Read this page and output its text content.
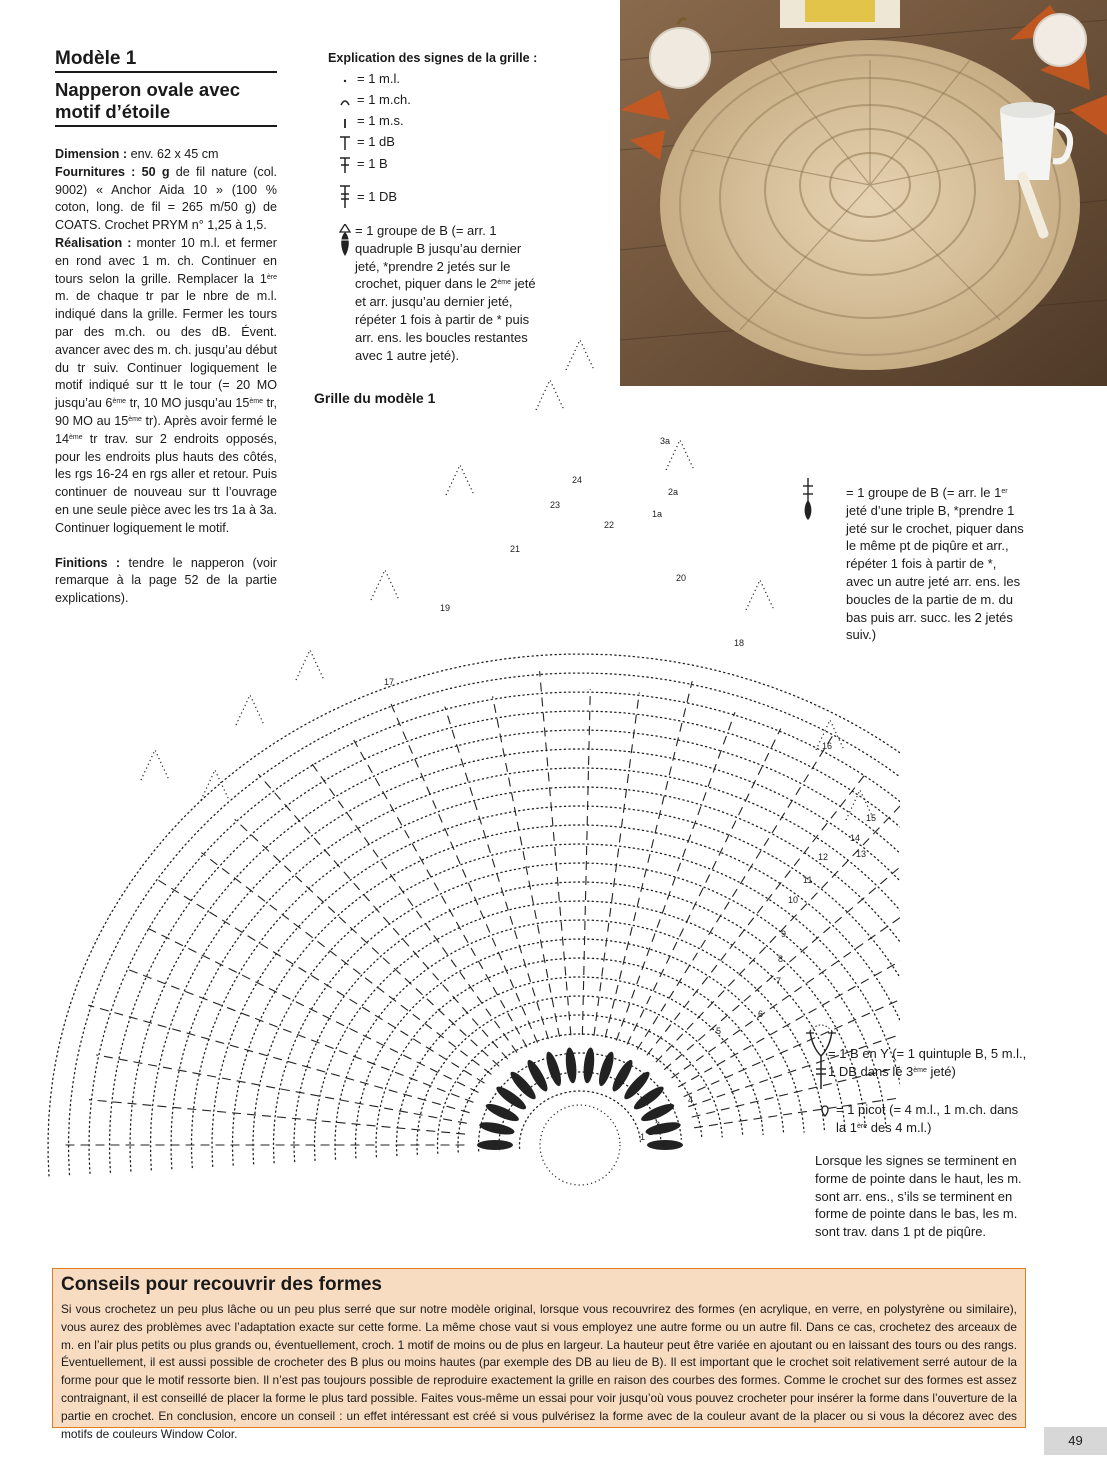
Modèle 1
Napperon ovale avec motif d’étoile

Dimension : env. 62 x 45 cm
Fournitures : 50 g de fil nature (col. 9002) « Anchor Aida 10 » (100 % coton, long. de fil = 265 m/50 g) de COATS. Crochet PRYM n° 1,25 à 1,5.
Réalisation : monter 10 m.l. et fermer en rond avec 1 m. ch. Continuer en tours selon la grille. Remplacer la 1ère m. de chaque tr par le nbre de m.l. indiqué dans la grille. Fermer les tours par des m.ch. ou des dB. Évent. avancer avec des m. ch. jusqu’au début du tr suiv. Continuer logiquement le motif indiqué sur tt le tour (= 20 MO jusqu’au 6ème tr, 10 MO jusqu’au 15ème tr, 90 MO au 15ème tr). Après avoir fermé le 14ème tr trav. sur 2 endroits opposés, pour les endroits plus hauts des côtés, les rgs 16-24 en rgs aller et retour. Puis continuer de nouveau sur tt l’ouvrage en une seule pièce avec les trs 1a à 3a. Continuer logiquement le motif.

Finitions : tendre le napperon (voir remarque à la page 52 de la partie explications).

Explication des signes de la grille :
= 1 m.l.
= 1 m.ch.
= 1 m.s.
= 1 dB
= 1 B
= 1 DB
= 1 groupe de B (= arr. 1 quadruple B jusqu’au dernier jeté, *prendre 2 jetés sur le crochet, piquer dans le 2ème jeté et arr. jusqu’au dernier jeté, répéter 1 fois à partir de * puis arr. ens. les boucles restantes avec 1 autre jeté).
Grille du modèle 1
1 2
3
4
5
6
7
8
9
10
11
12	13
14
15
16
17
18
19
20
21
22
23
24
1a
2a
3a
= 1 groupe de B (= arr. le 1er jeté d’une triple B, *prendre 1 jeté sur le crochet, piquer dans le même pt de piqûre et arr., répéter 1 fois à partir de *, avec un autre jeté arr. ens. les boucles de la partie de m. du bas puis arr. succ. les 2 jetés suiv.)
= 1 B en Y (= 1 quintuple B, 5 m.l., 1 DB dans le 3ème jeté)
= 1 picot (= 4 m.l., 1 m.ch. dans la 1ère des 4 m.l.)
Lorsque les signes se terminent en forme de pointe dans le haut, les m. sont arr. ens., s’ils se terminent en forme de pointe dans le bas, les m. sont trav. dans 1 pt de piqûre.
Conseils pour recouvrir des formes
Si vous crochetez un peu plus lâche ou un peu plus serré que sur notre modèle original, lorsque vous recouvrirez des formes (en acrylique, en verre, en polystyrène ou similaire), vous aurez des problèmes avec l’adaptation exacte sur cette forme. La même chose vaut si vous employez une autre forme ou un autre fil. Dans ce cas, crochetez des arceaux de m. en l’air plus petits ou plus grands ou, éventuellement, croch. 1 motif de moins ou de plus en largeur. La hauteur peut être variée en ajoutant ou en laissant des tours ou des rangs. Éventuellement, il est aussi possible de crocheter des B plus ou moins hautes (par exemple des DB au lieu de B). Il est important que le crochet soit relativement serré autour de la forme pour que le motif ressorte bien. Il n’est pas toujours possible de reproduire exactement la grille en raison des courbes des formes. Comme le crochet sur des formes est assez contraignant, il est conseillé de placer la forme le plus tard possible. Faites vous-même un essai pour voir jusqu’où vous pouvez crocheter pour insérer la forme dans l’ouverture de la partie en crochet. En conclusion, encore un conseil : un effet intéressant est créé si vous pulvérisez la forme avec de la couleur avant de la placer ou si vous la décorez avec des motifs de couleurs Window Color.	49
